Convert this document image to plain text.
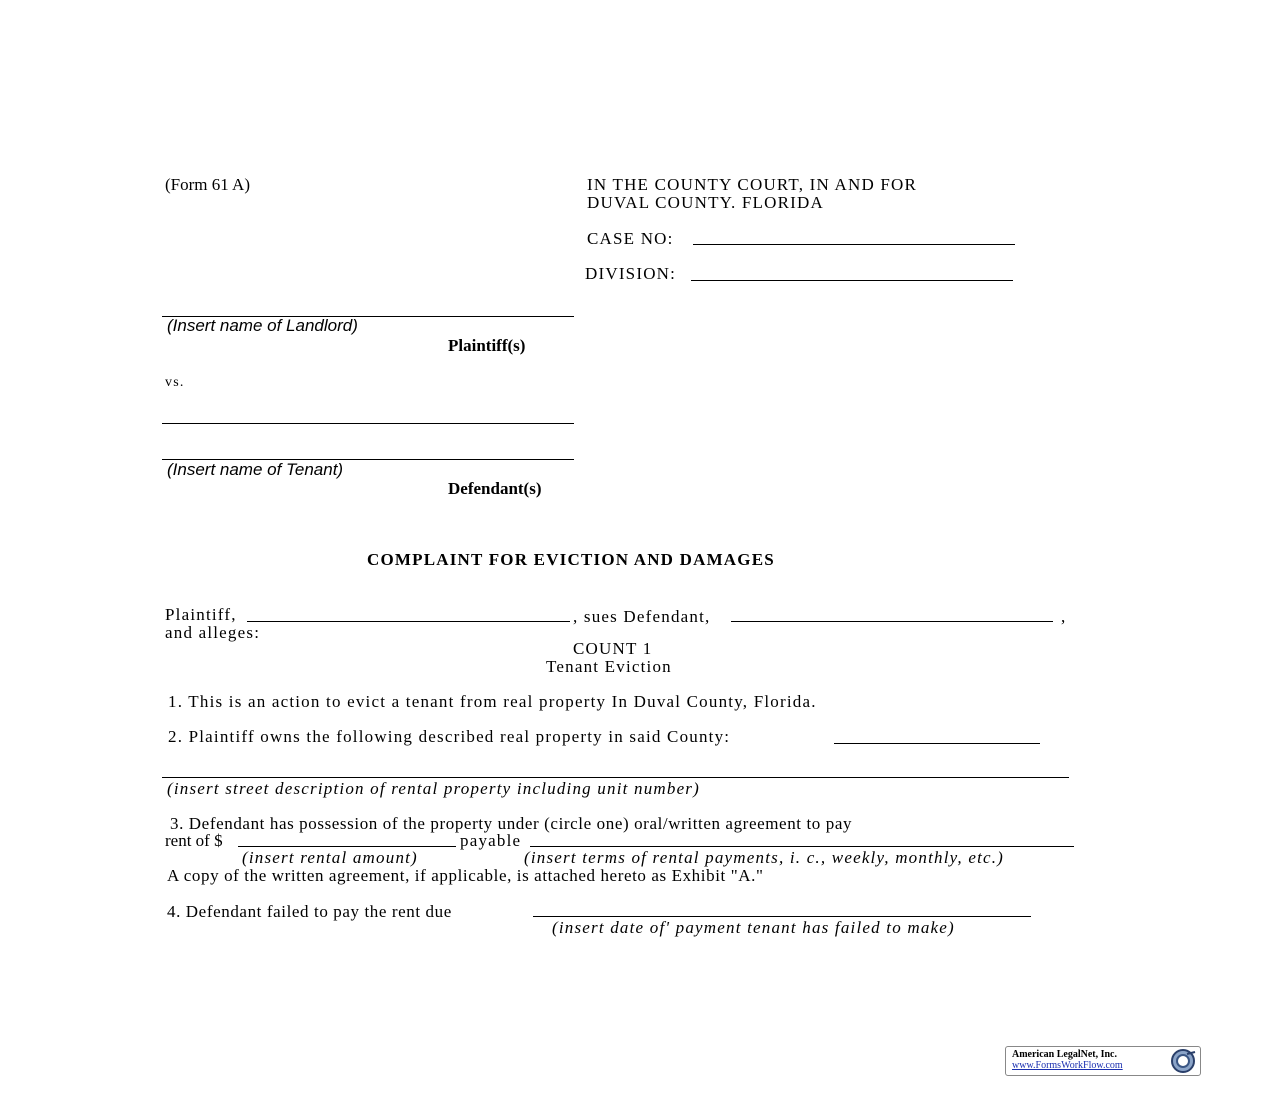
(Form 61 A)	IN THE COUNTY COURT, IN AND FOR
DUVAL COUNTY. FLORIDA
CASE NO:
DIVISION:
(Insert name of Landlord)
Plaintiff(s)
vs.
(Insert name of Tenant)
Defendant(s)
COMPLAINT FOR EVICTION AND DAMAGES
Plaintiff,	, sues Defendant,	,
and alleges:
COUNT 1
Tenant Eviction
1. This is an action to evict a tenant from real property In Duval County, Florida.
2. Plaintiff owns the following described real property in said County:
(insert street description of rental property including unit number)
3. Defendant has possession of the property under (circle one) oral/written agreement to pay
rent of $	payable
(insert rental amount)	(insert terms of rental payments, i. c., weekly, monthly, etc.)
A copy of the written agreement, if applicable, is attached hereto as Exhibit "A."
4. Defendant failed to pay the rent due
(insert date of' payment tenant has failed to make)
American LegalNet, Inc.
www.FormsWorkFlow.com
